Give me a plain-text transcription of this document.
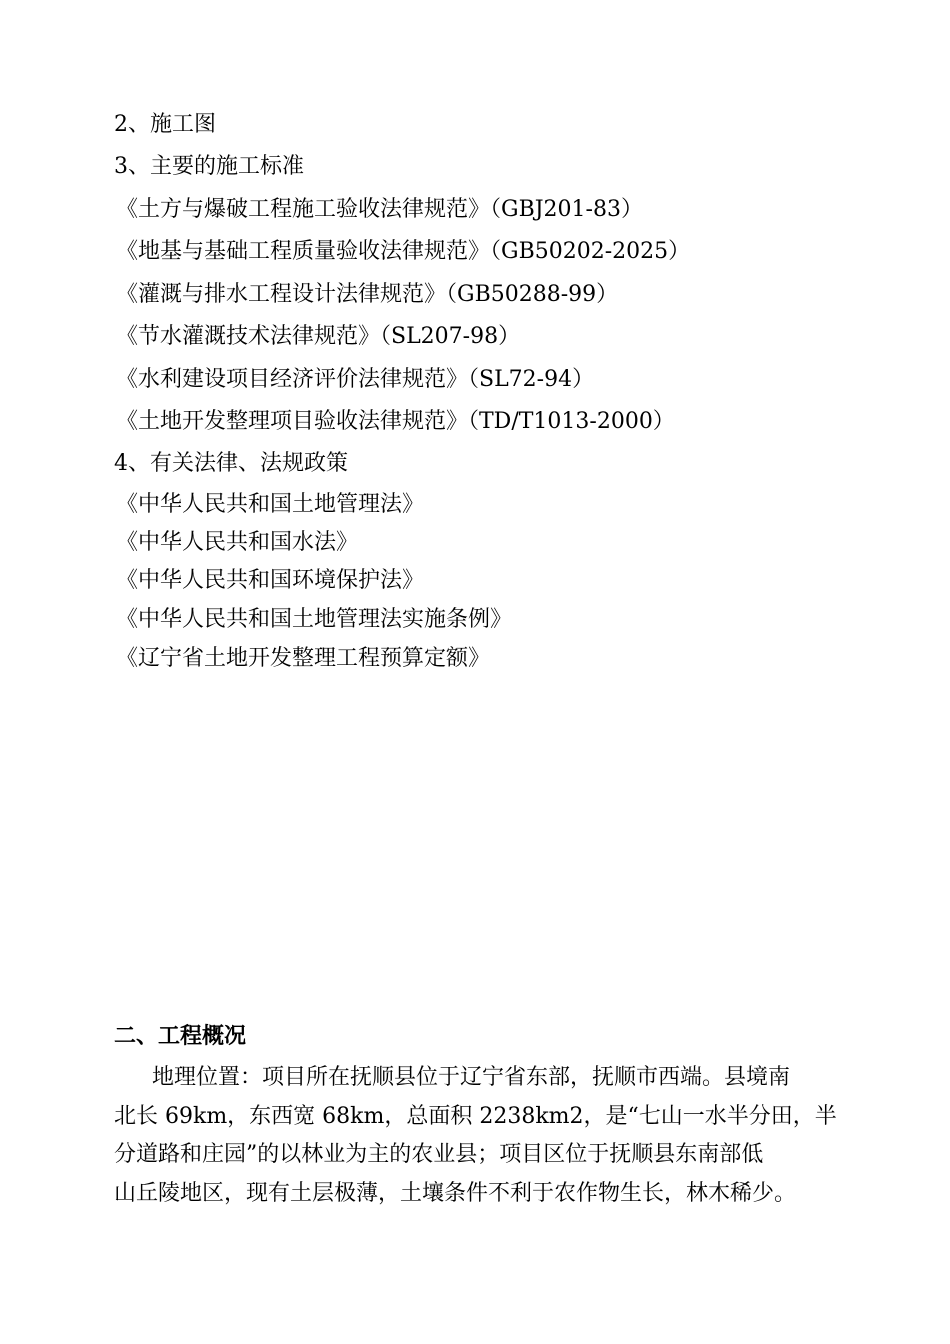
2、施工图
3、主要的施工标准
《土方与爆破工程施工验收法律规范》（GBJ201-83）
《地基与基础工程质量验收法律规范》（GB50202-2025）
《灌溉与排水工程设计法律规范》（GB50288-99）
《节水灌溉技术法律规范》（SL207-98）
《水利建设项目经济评价法律规范》（SL72-94）
《土地开发整理项目验收法律规范》（TD/T1013-2000）
4、有关法律、法规政策
《中华人民共和国土地管理法》
《中华人民共和国水法》
《中华人民共和国环境保护法》
《中华人民共和国土地管理法实施条例》
《辽宁省土地开发整理工程预算定额》
二、工程概况
地理位置：项目所在抚顺县位于辽宁省东部，抚顺市西端。县境南
北长 69km，东西宽 68km，总面积 2238km2，是“七山一水半分田，半
分道路和庄园”的以林业为主的农业县；项目区位于抚顺县东南部低
山丘陵地区，现有土层极薄，土壤条件不利于农作物生长，林木稀少。
